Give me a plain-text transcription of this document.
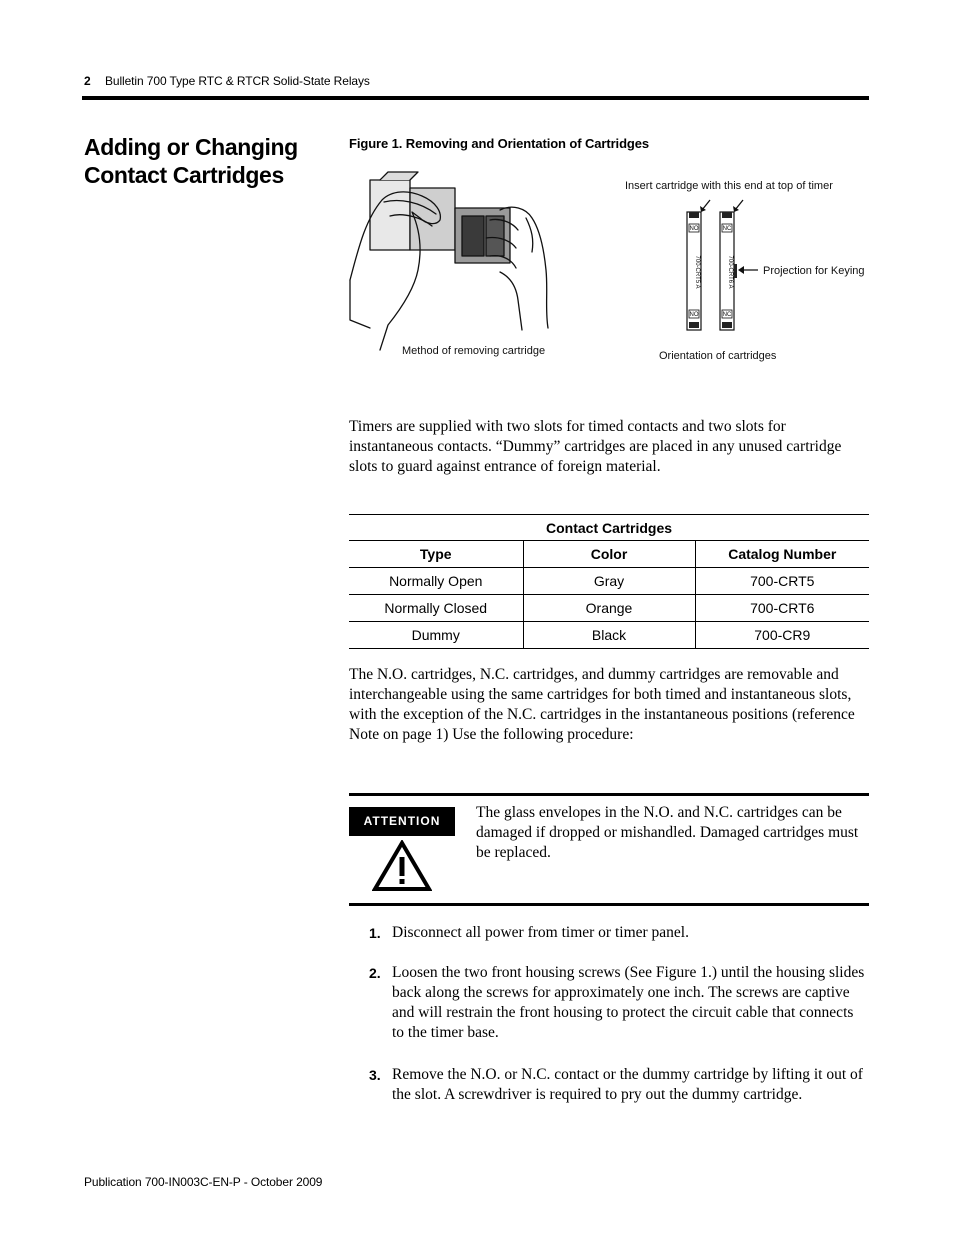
2 Bulletin 700 Type RTC & RTCR Solid-State Relays
Adding or Changing
Contact Cartridges
Figure 1. Removing and Orientation of Cartridges
NO
NO
700-CRT5 A
NC
NC
700-CRT6 A
Insert cartridge with this end at top of timer
Projection for Keying
Method of removing cartridge	Orientation of cartridges
Timers are supplied with two slots for timed contacts and two slots for instantaneous contacts. “Dummy” cartridges are placed in any unused cartridge slots to guard against entrance of foreign material.
Contact Cartridges		
Type	Color	Catalog Number
Normally Open	Gray	700-CRT5
Normally Closed	Orange	700-CRT6
Dummy	Black	700-CR9
The N.O. cartridges, N.C. cartridges, and dummy cartridges are removable and interchangeable using the same cartridges for both timed and instantaneous slots, with the exception of the N.C. cartridges in the instantaneous positions (reference Note on page 1) Use the following procedure:
ATTENTION	The glass envelopes in the N.O. and N.C. cartridges can be damaged if dropped or mishandled. Damaged cartridges must be replaced.
1. Disconnect all power from timer or timer panel.
2. Loosen the two front housing screws (See Figure 1.) until the housing slides back along the screws for approximately one inch. The screws are captive and will restrain the front housing to protect the circuit cable that connects to the timer base.
3. Remove the N.O. or N.C. contact or the dummy cartridge by lifting it out of the slot. A screwdriver is required to pry out the dummy cartridge.
Publication 700-IN003C-EN-P - October 2009
